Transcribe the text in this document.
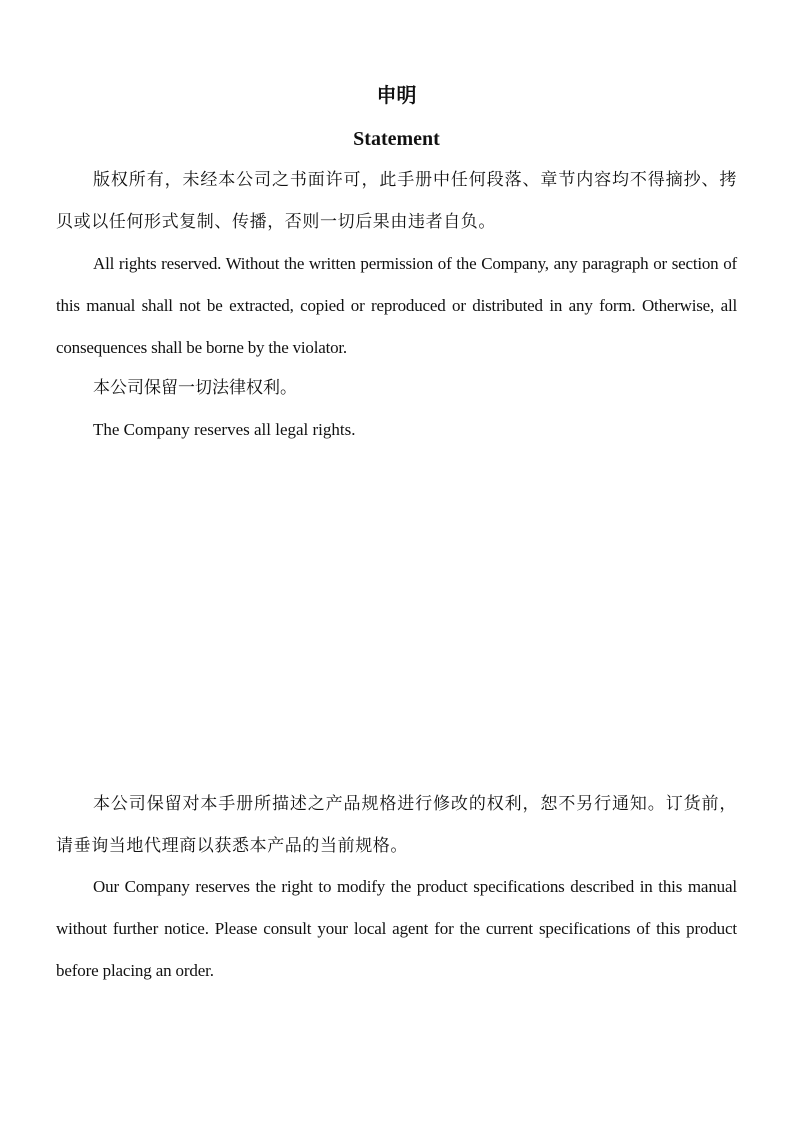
申明
Statement

版权所有，未经本公司之书面许可，此手册中任何段落、章节内容均不得摘抄、拷贝或以任何形式复制、传播，否则一切后果由违者自负。

All rights reserved. Without the written permission of the Company, any paragraph or section of this manual shall not be extracted, copied or reproduced or distributed in any form. Otherwise, all consequences shall be borne by the violator.

本公司保留一切法律权利。

The Company reserves all legal rights.

本公司保留对本手册所描述之产品规格进行修改的权利，恕不另行通知。订货前，请垂询当地代理商以获悉本产品的当前规格。

Our Company reserves the right to modify the product specifications described in this manual without further notice. Please consult your local agent for the current specifications of this product before placing an order.
